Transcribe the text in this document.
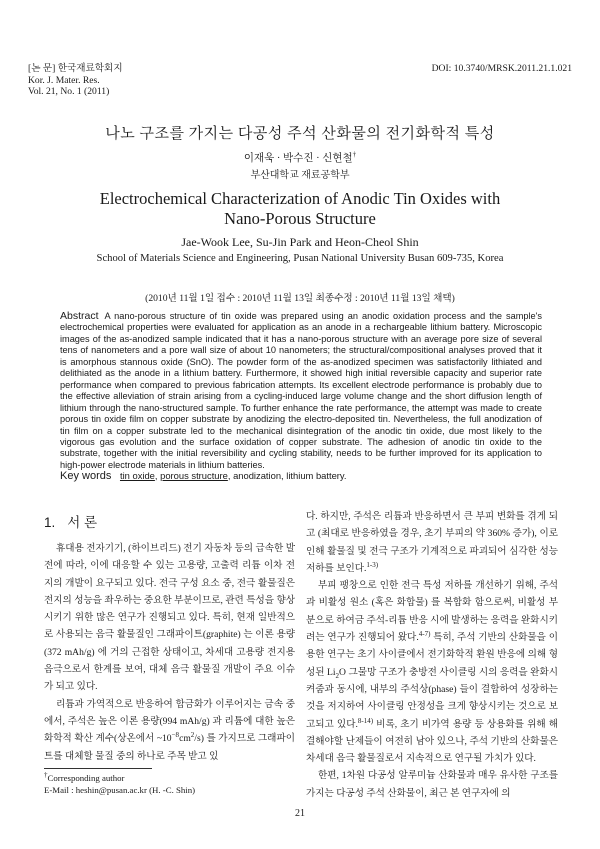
[논 문] 한국재료학회지
Kor. J. Mater. Res.
Vol. 21, No. 1 (2011)
DOI: 10.3740/MRSK.2011.21.1.021
나노 구조를 가지는 다공성 주석 산화물의 전기화학적 특성
이재욱 · 박수진 · 신현철†
부산대학교 재료공학부
Electrochemical Characterization of Anodic Tin Oxides with
Nano-Porous Structure
Jae-Wook Lee, Su-Jin Park and Heon-Cheol Shin
School of Materials Science and Engineering, Pusan National University Busan 609-735, Korea
(2010년 11월 1일 접수 : 2010년 11월 13일 최종수정 : 2010년 11월 13일 채택)
Abstract A nano-porous structure of tin oxide was prepared using an anodic oxidation process and the sample's electrochemical properties were evaluated for application as an anode in a rechargeable lithium battery. Microscopic images of the as-anodized sample indicated that it has a nano-porous structure with an average pore size of several tens of nanometers and a pore wall size of about 10 nanometers; the structural/compositional analyses proved that it is amorphous stannous oxide (SnO). The powder form of the as-anodized specimen was satisfactorily lithiated and delithiated as the anode in a lithium battery. Furthermore, it showed high initial reversible capacity and superior rate performance when compared to previous fabrication attempts. Its excellent electrode performance is probably due to the effective alleviation of strain arising from a cycling-induced large volume change and the short diffusion length of lithium through the nano-structured sample. To further enhance the rate performance, the attempt was made to create porous tin oxide film on copper substrate by anodizing the electro-deposited tin. Nevertheless, the full anodization of tin film on a copper substrate led to the mechanical disintegration of the anodic tin oxide, due most likely to the vigorous gas evolution and the surface oxidation of copper substrate. The adhesion of anodic tin oxide to the substrate, together with the initial reversibility and cycling stability, needs to be further improved for its application to high-power electrode materials in lithium batteries.
Key words tin oxide, porous structure, anodization, lithium battery.
1. 서 론

휴대용 전자기기, (하이브리드) 전기 자동차 등의 급속한 발전에 따라, 이에 대응할 수 있는 고용량, 고출력 리튬 이차 전지의 개발이 요구되고 있다. 전극 구성 요소 중, 전극 활물질은 전지의 성능을 좌우하는 중요한 부분이므로, 관련 특성을 향상시키기 위한 많은 연구가 진행되고 있다. 특히, 현재 일반적으로 사용되는 음극 활물질인 그래파이트(graphite) 는 이론 용량(372 mAh/g) 에 거의 근접한 상태이고, 차세대 고용량 전지용 음극으로서 한계를 보여, 대체 음극 활물질 개발이 주요 이슈가 되고 있다.

리튬과 가역적으로 반응하여 합금화가 이루어지는 금속 중에서, 주석은 높은 이론 용량(994 mAh/g) 과 리튬에 대한 높은 화학적 확산 계수(상온에서 $\sim 10^{-8}cm^2/s$) 를 가지므로 그래파이트를 대체할 물질 중의 하나로 주목 받고 있

다. 하지만, 주석은 리튬과 반응하면서 큰 부피 변화를 겪게 되고 (최대로 반응하였을 경우, 초기 부피의 약 360% 증가), 이로 인해 활물질 및 전극 구조가 기계적으로 파괴되어 심각한 성능 저하를 보인다.$^{1-3)}$

부피 팽창으로 인한 전극 특성 저하를 개선하기 위해, 주석과 비활성 원소 (혹은 화합물) 를 복합화 함으로써, 비활성 부분으로 하여금 주석-리튬 반응 시에 발생하는 응력을 완화시키려는 연구가 진행되어 왔다.$^{4-7)}$ 특히, 주석 기반의 산화물을 이용한 연구는 초기 사이클에서 전기화학적 환원 반응에 의해 형성된 $Li_2O$ 그물망 구조가 충방전 사이클링 시의 응력을 완화시켜줌과 동시에, 내부의 주석상(phase) 들이 결합하여 성장하는 것을 저지하여 사이클링 안정성을 크게 향상시키는 것으로 보고되고 있다.$^{8-14)}$ 비록, 초기 비가역 용량 등 상용화를 위해 해결해야할 난제들이 여전히 남아 있으나, 주석 기반의 산화물은 차세대 음극 활물질로서 지속적으로 연구될 가치가 있다.

한편, 1차원 다공성 알루미늄 산화물과 매우 유사한 구조를 가지는 다공성 주석 산화물이, 최근 본 연구자에 의

†Corresponding author
E-Mail : heshin@pusan.ac.kr (H. -C. Shin)
21
